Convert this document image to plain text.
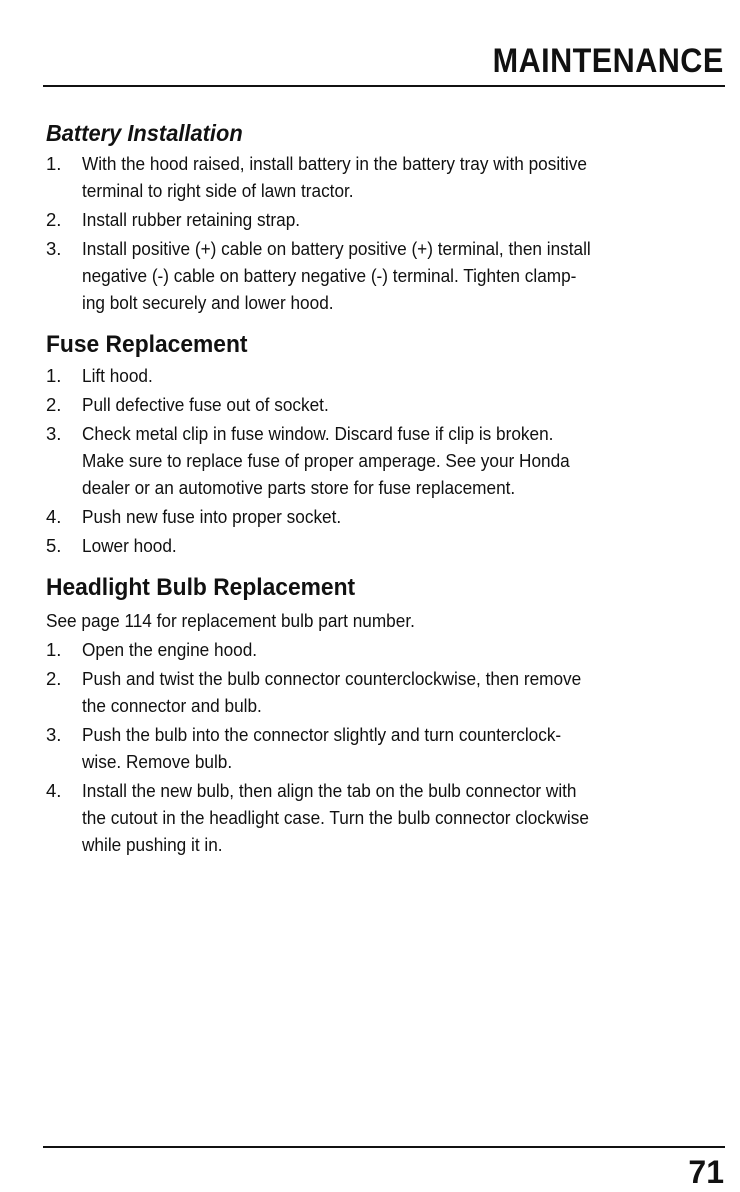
MAINTENANCE
Battery Installation
1. With the hood raised, install battery in the battery tray with positive
terminal to right side of lawn tractor.
2. Install rubber retaining strap.
3. Install positive (+) cable on battery positive (+) terminal, then install
negative (-) cable on battery negative (-) terminal. Tighten clamp-
ing bolt securely and lower hood.
Fuse Replacement
1. Lift hood.
2. Pull defective fuse out of socket.
3. Check metal clip in fuse window. Discard fuse if clip is broken.
Make sure to replace fuse of proper amperage. See your Honda
dealer or an automotive parts store for fuse replacement.
4. Push new fuse into proper socket.
5. Lower hood.
Headlight Bulb Replacement
See page 114 for replacement bulb part number.
1. Open the engine hood.
2. Push and twist the bulb connector counterclockwise, then remove
the connector and bulb.
3. Push the bulb into the connector slightly and turn counterclock-
wise. Remove bulb.
4. Install the new bulb, then align the tab on the bulb connector with
the cutout in the headlight case. Turn the bulb connector clockwise
while pushing it in.
71
